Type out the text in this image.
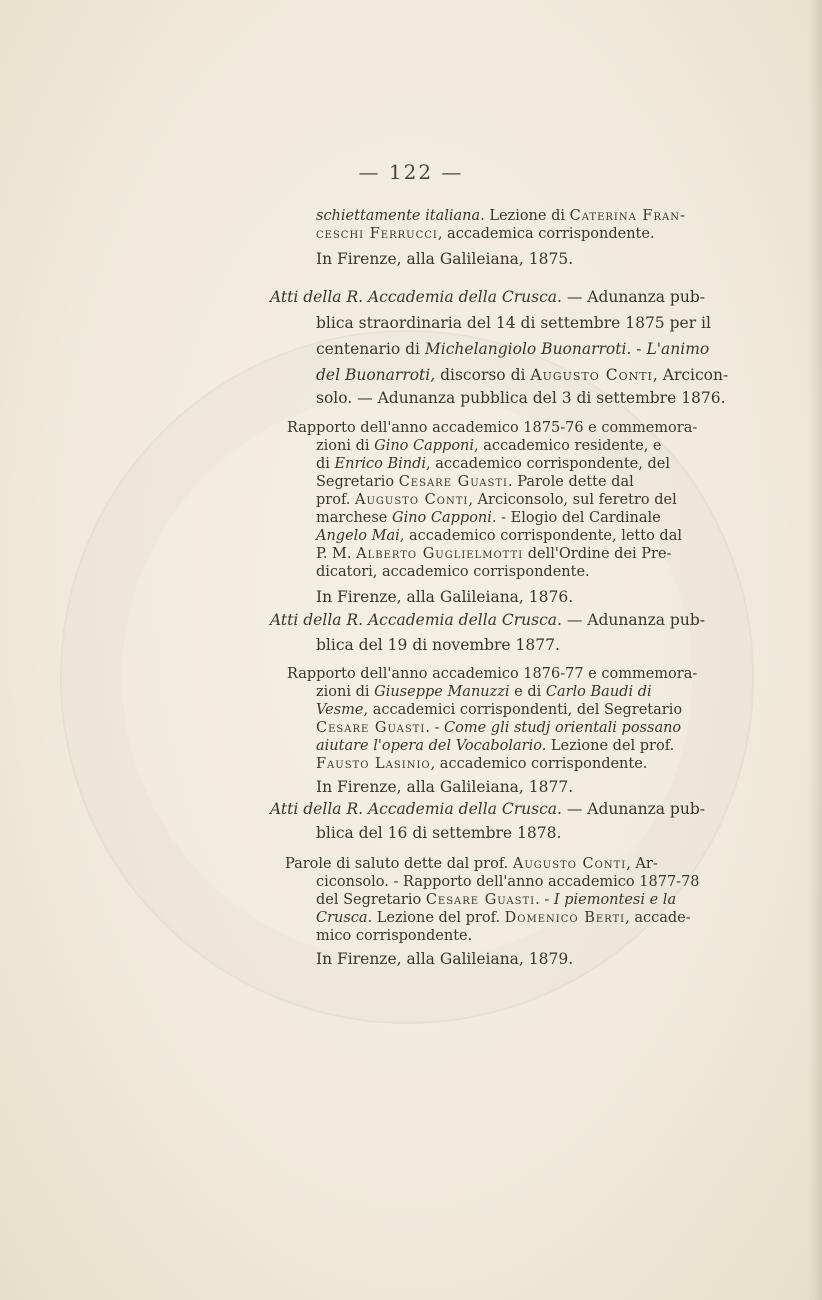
— 122 —
schiettamente italiana. Lezione di Caterina Fran-
ceschi Ferrucci, accademica corrispondente.
In Firenze, alla Galileiana, 1875.
Atti della R. Accademia della Crusca. — Adunanza pub-
blica straordinaria del 14 di settembre 1875 per il
centenario di Michelangiolo Buonarroti. - L'animo
del Buonarroti, discorso di Augusto Conti, Arcicon-
solo. — Adunanza pubblica del 3 di settembre 1876.
Rapporto dell'anno accademico 1875-76 e commemora-
zioni di Gino Capponi, accademico residente, e
di Enrico Bindi, accademico corrispondente, del
Segretario Cesare Guasti. Parole dette dal
prof. Augusto Conti, Arciconsolo, sul feretro del
marchese Gino Capponi. - Elogio del Cardinale
Angelo Mai, accademico corrispondente, letto dal
P. M. Alberto Guglielmotti dell'Ordine dei Pre-
dicatori, accademico corrispondente.
In Firenze, alla Galileiana, 1876.
Atti della R. Accademia della Crusca. — Adunanza pub-
blica del 19 di novembre 1877.
Rapporto dell'anno accademico 1876-77 e commemora-
zioni di Giuseppe Manuzzi e di Carlo Baudi di
Vesme, accademici corrispondenti, del Segretario
Cesare Guasti. - Come gli studj orientali possano
aiutare l'opera del Vocabolario. Lezione del prof.
Fausto Lasinio, accademico corrispondente.
In Firenze, alla Galileiana, 1877.
Atti della R. Accademia della Crusca. — Adunanza pub-
blica del 16 di settembre 1878.
Parole di saluto dette dal prof. Augusto Conti, Ar-
ciconsolo. - Rapporto dell'anno accademico 1877-78
del Segretario Cesare Guasti. - I piemontesi e la
Crusca. Lezione del prof. Domenico Berti, accade-
mico corrispondente.
In Firenze, alla Galileiana, 1879.
